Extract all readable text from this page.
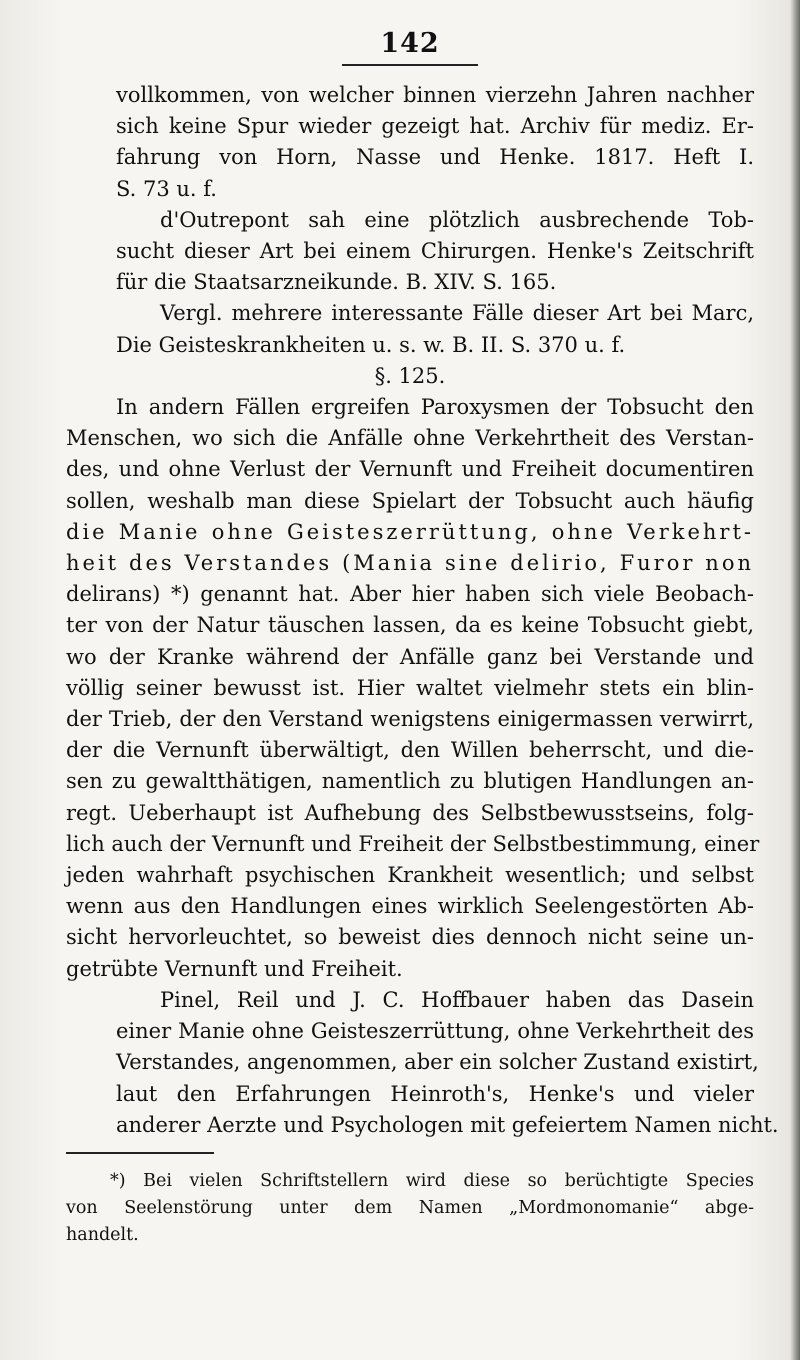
142
vollkommen, von welcher binnen vierzehn Jahren nachher
sich keine Spur wieder gezeigt hat. Archiv für mediz. Er-
fahrung von Horn, Nasse und Henke. 1817. Heft I.
S. 73 u. f.
d'Outrepont sah eine plötzlich ausbrechende Tob-
sucht dieser Art bei einem Chirurgen. Henke's Zeitschrift
für die Staatsarzneikunde. B. XIV. S. 165.
Vergl. mehrere interessante Fälle dieser Art bei Marc,
Die Geisteskrankheiten u. s. w. B. II. S. 370 u. f.
§. 125.
In andern Fällen ergreifen Paroxysmen der Tobsucht den
Menschen, wo sich die Anfälle ohne Verkehrtheit des Verstan-
des, und ohne Verlust der Vernunft und Freiheit documentiren
sollen, weshalb man diese Spielart der Tobsucht auch häufig
die Manie ohne Geisteszerrüttung, ohne Verkehrt-
heit des Verstandes (Mania sine delirio, Furor non
delirans) *) genannt hat. Aber hier haben sich viele Beobach-
ter von der Natur täuschen lassen, da es keine Tobsucht giebt,
wo der Kranke während der Anfälle ganz bei Verstande und
völlig seiner bewusst ist. Hier waltet vielmehr stets ein blin-
der Trieb, der den Verstand wenigstens einigermassen verwirrt,
der die Vernunft überwältigt, den Willen beherrscht, und die-
sen zu gewaltthätigen, namentlich zu blutigen Handlungen an-
regt. Ueberhaupt ist Aufhebung des Selbstbewusstseins, folg-
lich auch der Vernunft und Freiheit der Selbstbestimmung, einer
jeden wahrhaft psychischen Krankheit wesentlich; und selbst
wenn aus den Handlungen eines wirklich Seelengestörten Ab-
sicht hervorleuchtet, so beweist dies dennoch nicht seine un-
getrübte Vernunft und Freiheit.
Pinel, Reil und J. C. Hoffbauer haben das Dasein
einer Manie ohne Geisteszerrüttung, ohne Verkehrtheit des
Verstandes, angenommen, aber ein solcher Zustand existirt,
laut den Erfahrungen Heinroth's, Henke's und vieler
anderer Aerzte und Psychologen mit gefeiertem Namen nicht.
*) Bei vielen Schriftstellern wird diese so berüchtigte Species
von Seelenstörung unter dem Namen „Mordmonomanie“ abge-
handelt.
